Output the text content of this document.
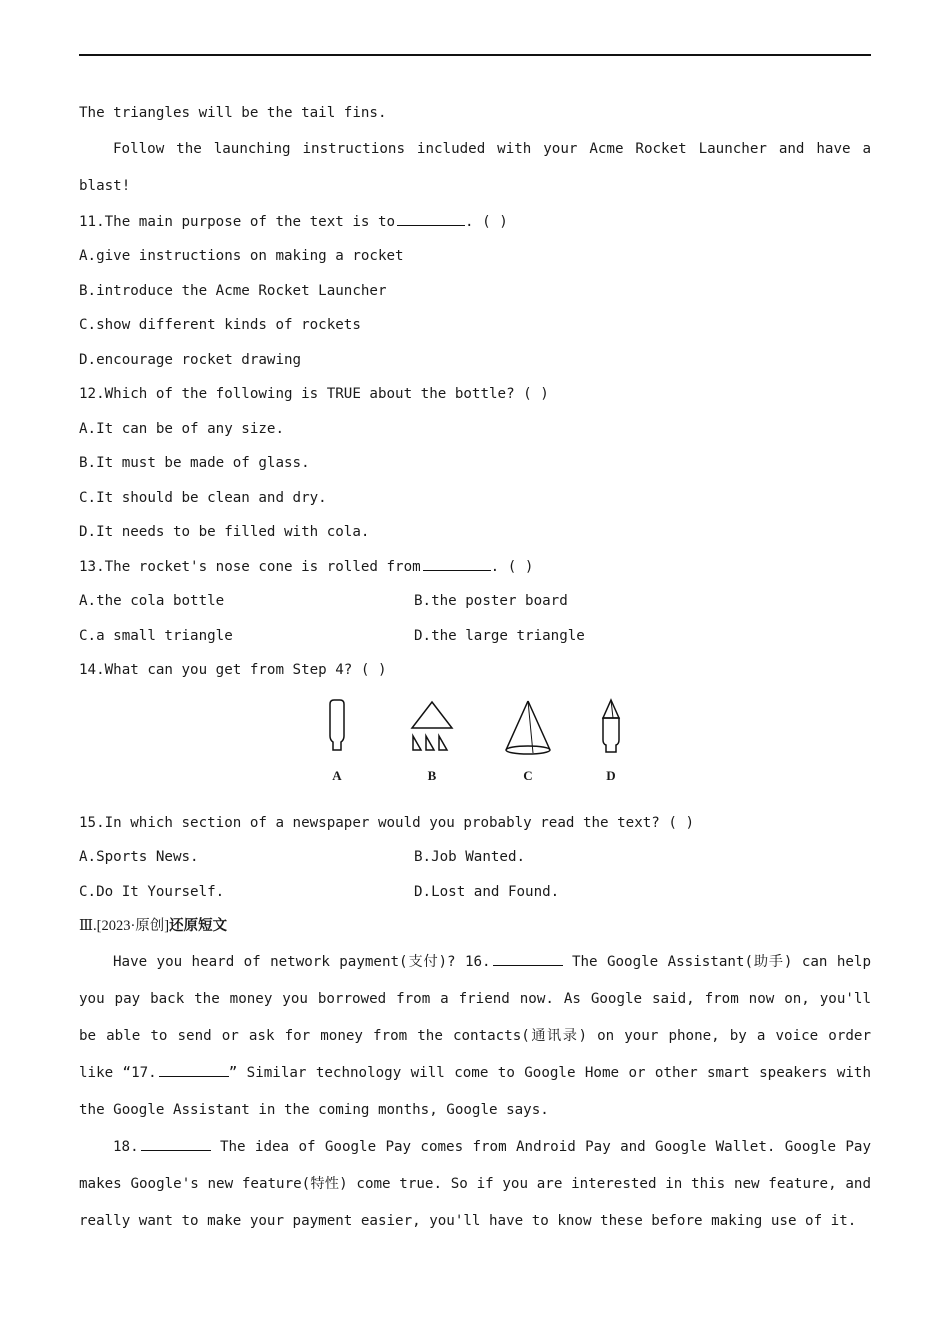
The triangles will be the tail fins.
Follow the launching instructions included with your Acme Rocket Launcher and have a blast!
11.The main purpose of the text is to	. ( )
A.give instructions on making a rocket
B.introduce the Acme Rocket Launcher
C.show different kinds of rockets
D.encourage rocket drawing
12.Which of the following is TRUE about the bottle? ( )
A.It can be of any size.
B.It must be made of glass.
C.It should be clean and dry.
D.It needs to be filled with cola.
13.The rocket's nose cone is rolled from	. ( )
A.the cola bottle	B.the poster board
C.a small triangle	D.the large triangle
14.What can you get from Step 4? ( )
A	B	C	D
15.In which section of a newspaper would you probably read the text? ( )
A.Sports News.	B.Job Wanted.
C.Do It Yourself.	D.Lost and Found.
Ⅲ.[2023·原创]还原短文
Have you heard of network payment(支付)? 16.	The Google Assistant(助手) can help you pay back the money you borrowed from a friend now. As Google said, from now on, you'll be able to send or ask for money from the contacts(通讯录) on your phone, by a voice order like “17.	” Similar technology will come to Google Home or other smart speakers with the Google Assistant in the coming months, Google says.
18.	The idea of Google Pay comes from Android Pay and Google Wallet. Google Pay makes Google's new feature(特性) come true. So if you are interested in this new feature, and really want to make your payment easier, you'll have to know these before making use of it.
